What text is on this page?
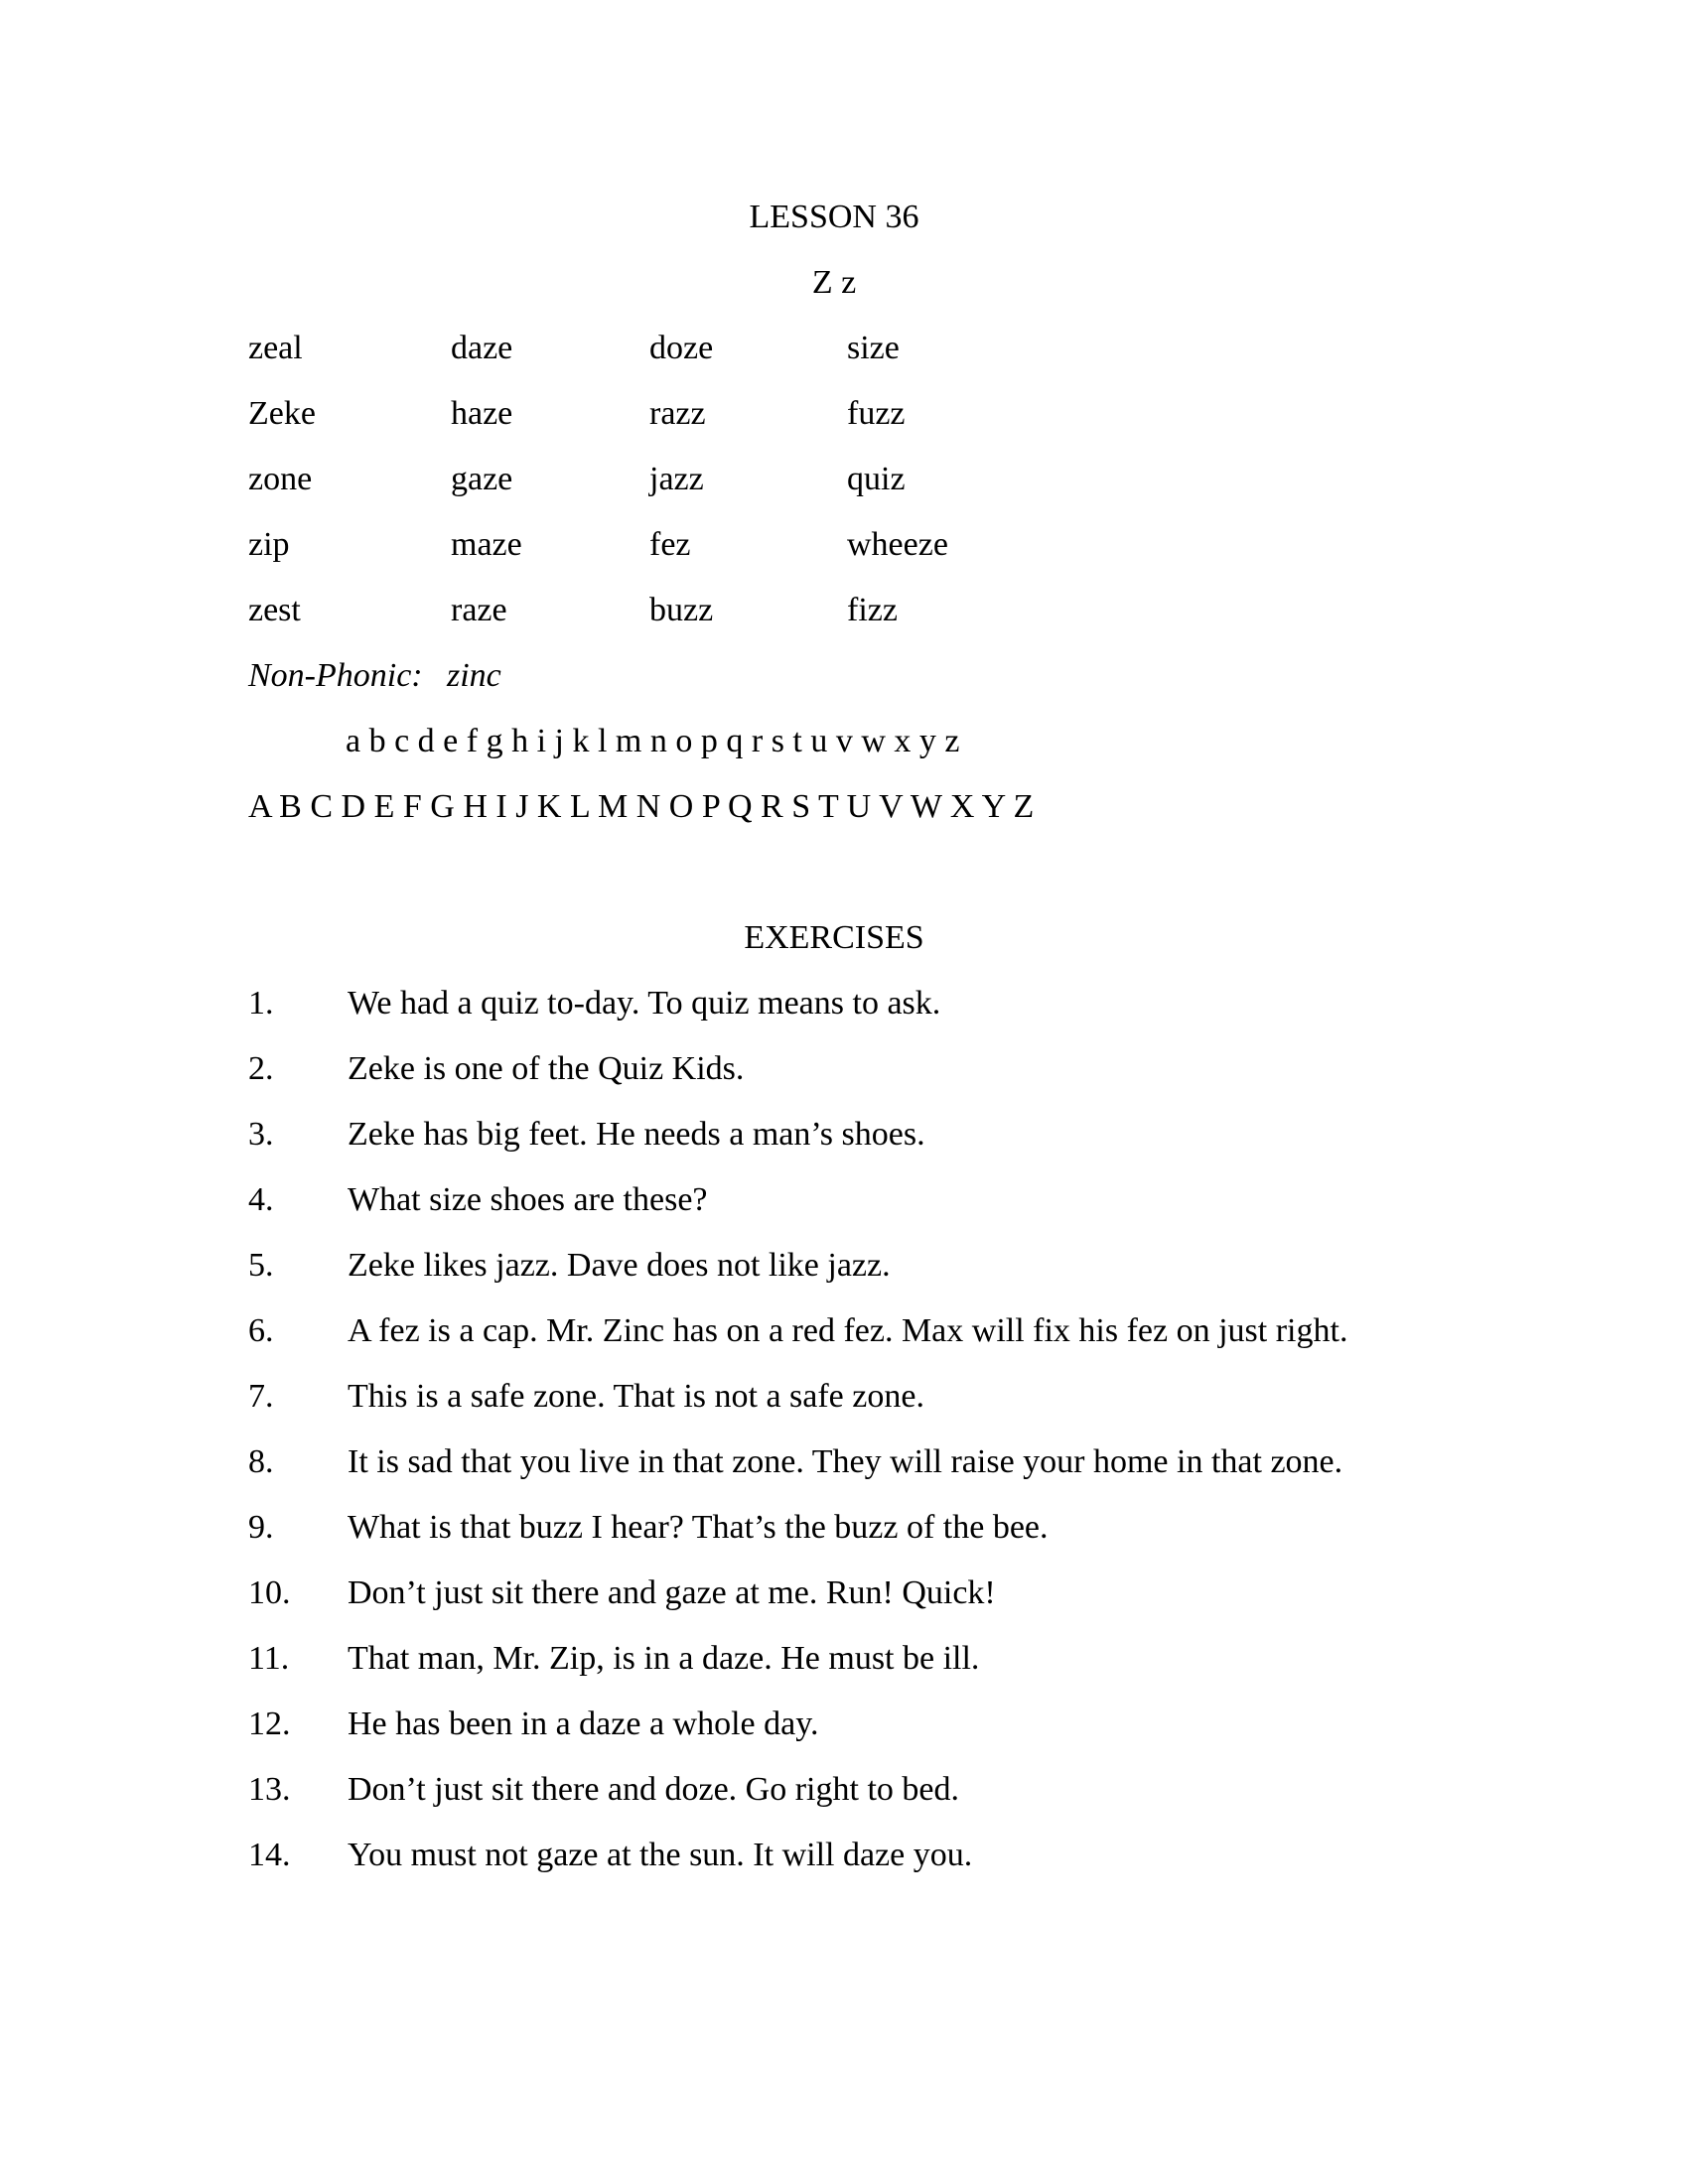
LESSON 36
Z z
zeal	daze	doze	size
Zeke	haze	razz	fuzz
zone	gaze	jazz	quiz
zip	maze	fez	wheeze
zest	raze	buzz	fizz
Non-Phonic: zinc
a b c d e f g h i j k l m n o p q r s t u v w x y z
A B C D E F G H I J K L M N O P Q R S T U V W X Y Z
EXERCISES
1.	We had a quiz to-day. To quiz means to ask.
2.	Zeke is one of the Quiz Kids.
3.	Zeke has big feet. He needs a man’s shoes.
4.	What size shoes are these?
5.	Zeke likes jazz. Dave does not like jazz.
6.	A fez is a cap. Mr. Zinc has on a red fez. Max will fix his fez on just right.
7.	This is a safe zone. That is not a safe zone.
8.	It is sad that you live in that zone. They will raise your home in that zone.
9.	What is that buzz I hear? That’s the buzz of the bee.
10.	Don’t just sit there and gaze at me. Run! Quick!
11.	That man, Mr. Zip, is in a daze. He must be ill.
12.	He has been in a daze a whole day.
13.	Don’t just sit there and doze. Go right to bed.
14.	You must not gaze at the sun. It will daze you.
